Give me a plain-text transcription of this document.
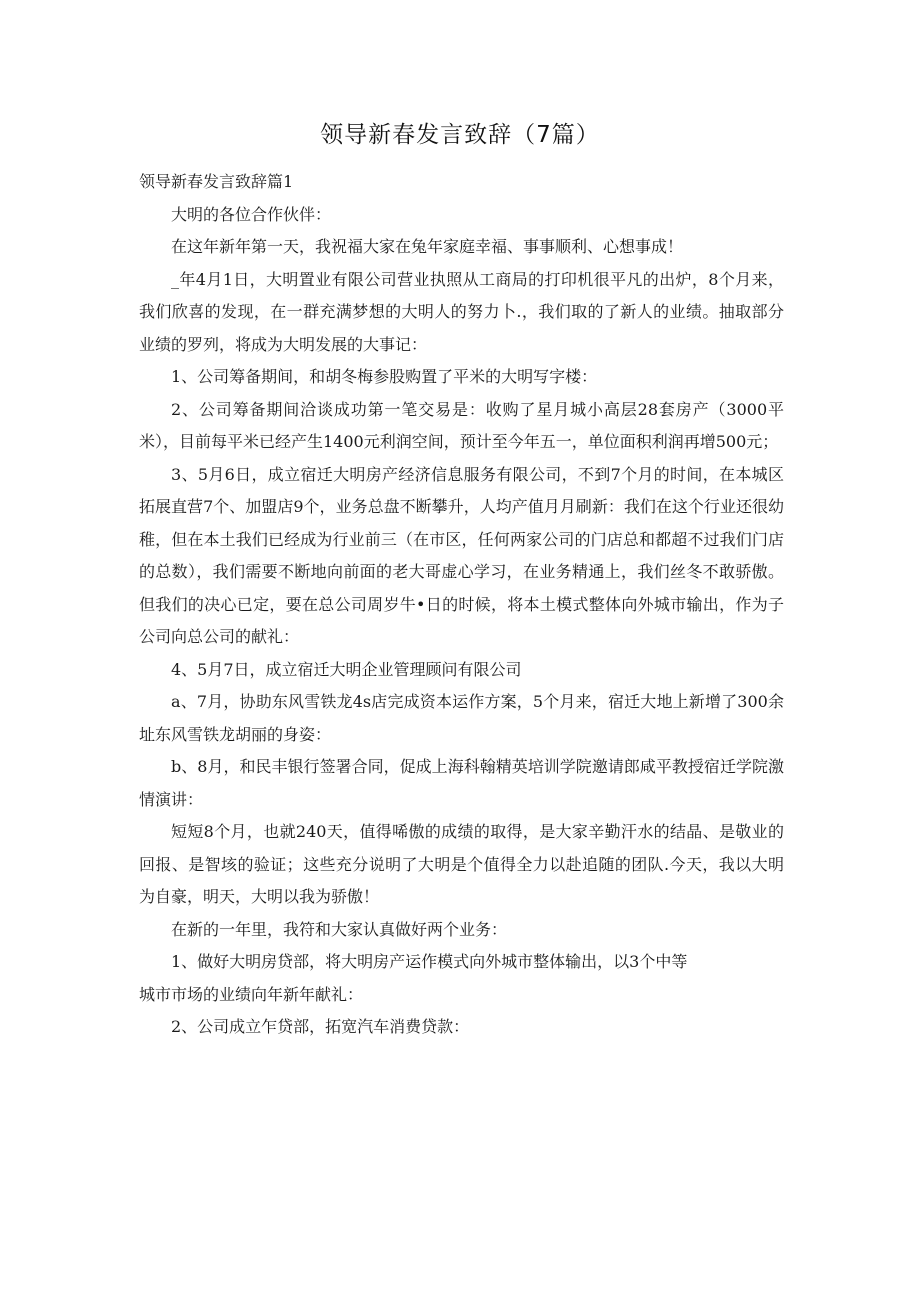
领导新春发言致辞（7篇）

领导新春发言致辞篇1

大明的各位合作伙伴：

在这年新年第一天，我祝福大家在兔年家庭幸福、事事顺利、心想事成！

_年4月1日，大明置业有限公司营业执照从工商局的打印机很平凡的出炉，8个月来，我们欣喜的发现，在一群充满梦想的大明人的努力卜.，我们取的了新人的业绩。抽取部分业绩的罗列，将成为大明发展的大事记：

1、公司筹备期间，和胡冬梅参股购置了平米的大明写字楼：

2、公司筹备期间洽谈成功第一笔交易是：收购了星月城小高层28套房产（3000平米），目前每平米已经产生1400元利润空间，预计至今年五一，单位面积利润再增500元；

3、5月6日，成立宿迁大明房产经济信息服务有限公司，不到7个月的时间，在本城区拓展直营7个、加盟店9个，业务总盘不断攀升，人均产值月月刷新：我们在这个行业还很幼稚，但在本土我们已经成为行业前三（在市区，任何两家公司的门店总和都超不过我们门店的总数），我们需要不断地向前面的老大哥虚心学习，在业务精通上，我们丝冬不敢骄傲。但我们的决心已定，要在总公司周岁牛•日的时候，将本土模式整体向外城市输出，作为子公司向总公司的献礼：

4、5月7日，成立宿迁大明企业管理顾问有限公司

a、7月，协助东风雪铁龙4s店完成资本运作方案，5个月来，宿迁大地上新增了300余址东风雪铁龙胡丽的身姿：

b、8月，和民丰银行签署合同，促成上海科翰精英培训学院邀请郎咸平教授宿迁学院激情演讲：

短短8个月，也就240天，值得唏傲的成绩的取得，是大家辛勤汗水的结晶、是敬业的回报、是智垓的验证；这些充分说明了大明是个值得全力以赴追随的团队.今天，我以大明为自豪，明天，大明以我为骄傲！

在新的一年里，我符和大家认真做好两个业务：

1、做好大明房贷部，将大明房产运作模式向外城市整体输出，以3个中等

城市市场的业绩向年新年献礼：

2、公司成立乍贷部，拓宽汽车消费贷款：
